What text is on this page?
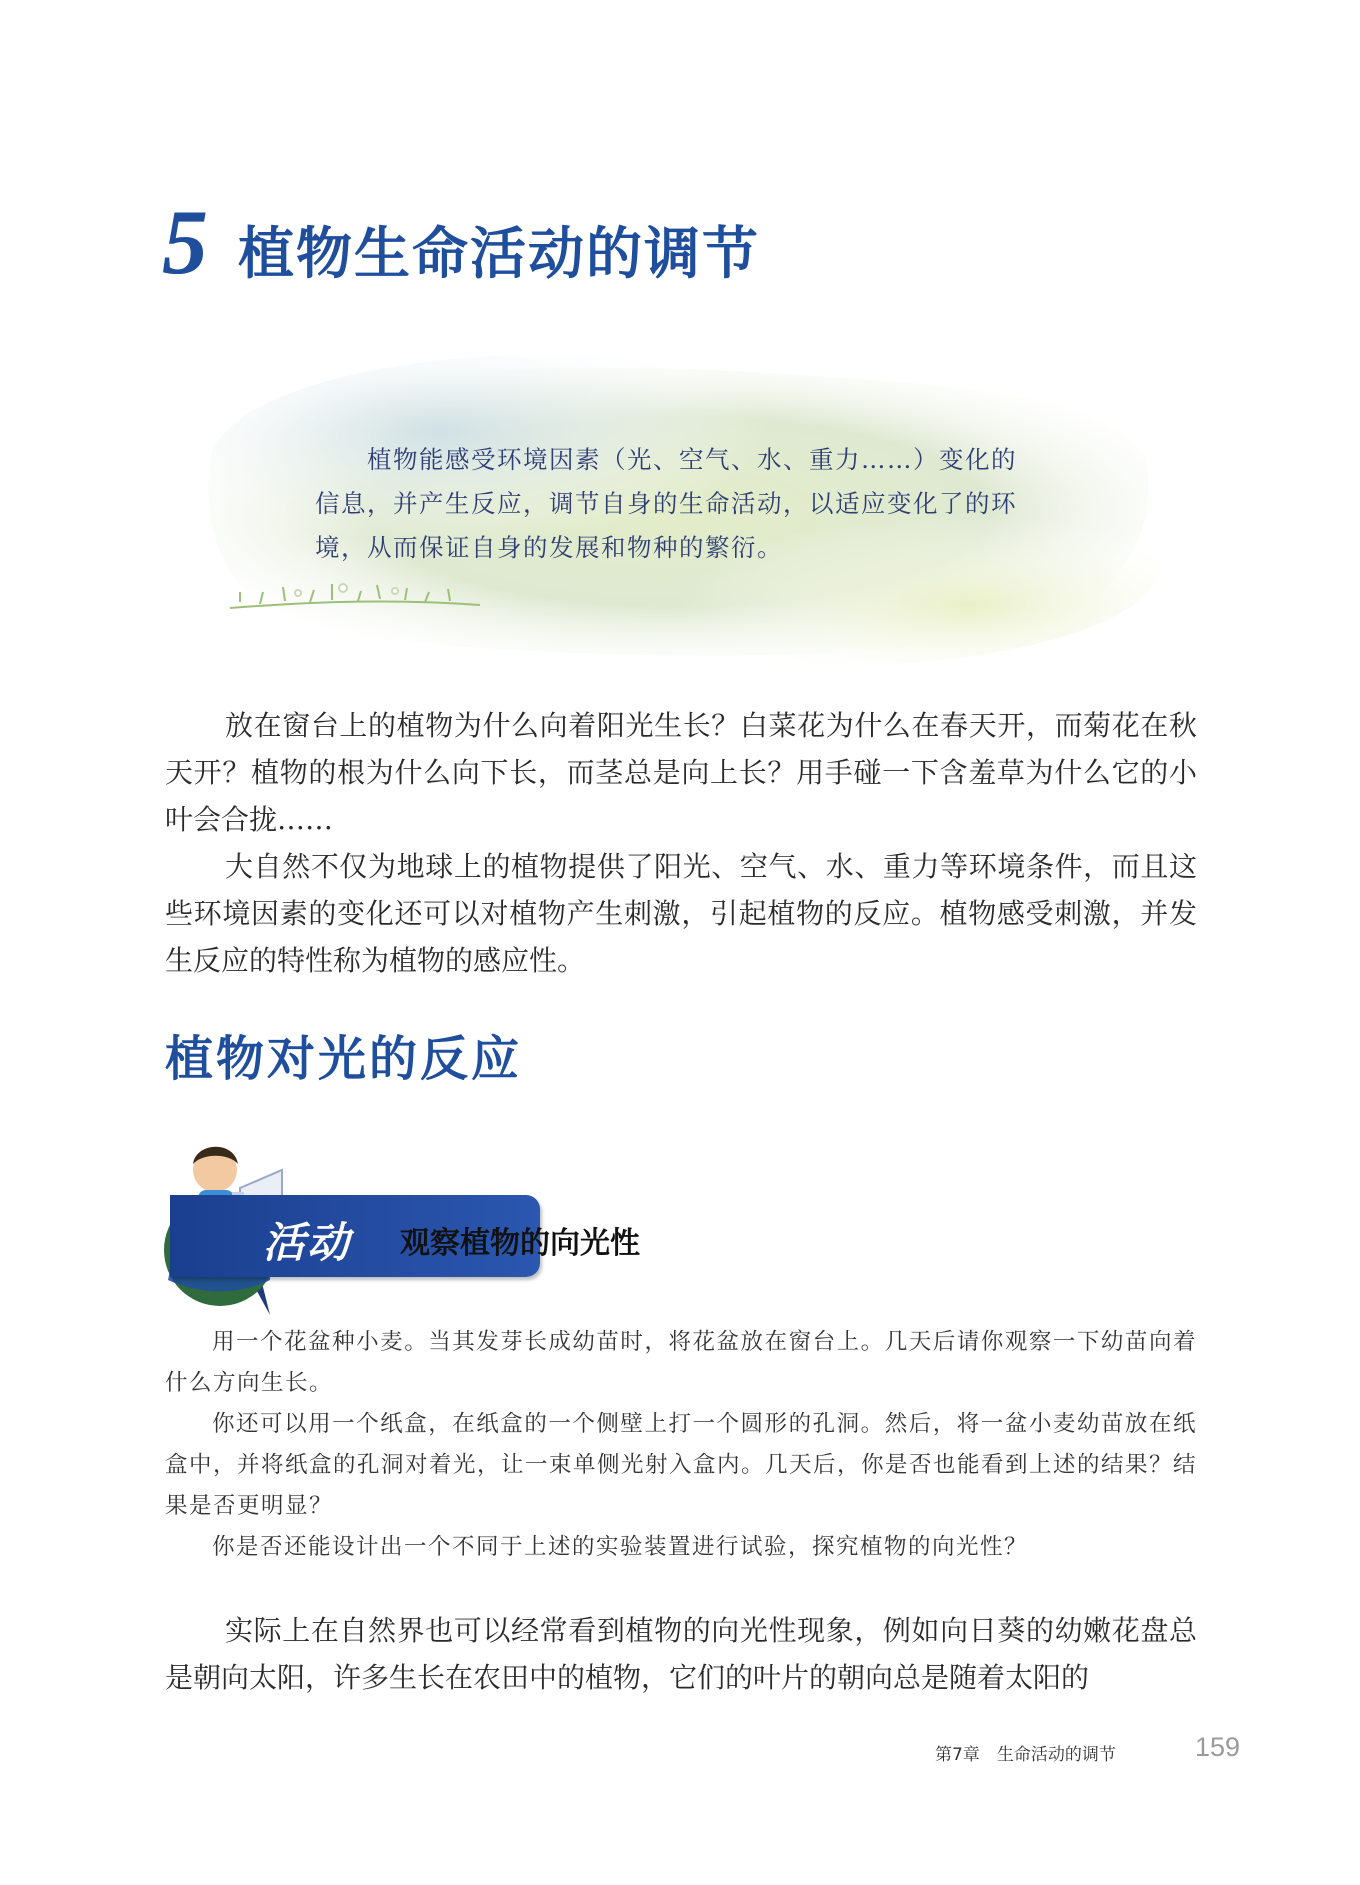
5 植物生命活动的调节

植物能感受环境因素（光、空气、水、重力……）变化的信息，并产生反应，调节自身的生命活动，以适应变化了的环境，从而保证自身的发展和物种的繁衍。

放在窗台上的植物为什么向着阳光生长？白菜花为什么在春天开，而菊花在秋天开？植物的根为什么向下长，而茎总是向上长？用手碰一下含羞草为什么它的小叶会合拢……

大自然不仅为地球上的植物提供了阳光、空气、水、重力等环境条件，而且这些环境因素的变化还可以对植物产生刺激，引起植物的反应。植物感受刺激，并发生反应的特性称为植物的感应性。

植物对光的反应
活动 观察植物的向光性

用一个花盆种小麦。当其发芽长成幼苗时，将花盆放在窗台上。几天后请你观察一下幼苗向着什么方向生长。

你还可以用一个纸盒，在纸盒的一个侧壁上打一个圆形的孔洞。然后，将一盆小麦幼苗放在纸盒中，并将纸盒的孔洞对着光，让一束单侧光射入盒内。几天后，你是否也能看到上述的结果？结果是否更明显？

你是否还能设计出一个不同于上述的实验装置进行试验，探究植物的向光性？

实际上在自然界也可以经常看到植物的向光性现象，例如向日葵的幼嫩花盘总是朝向太阳，许多生长在农田中的植物，它们的叶片的朝向总是随着太阳的

第7章　生命活动的调节	159
